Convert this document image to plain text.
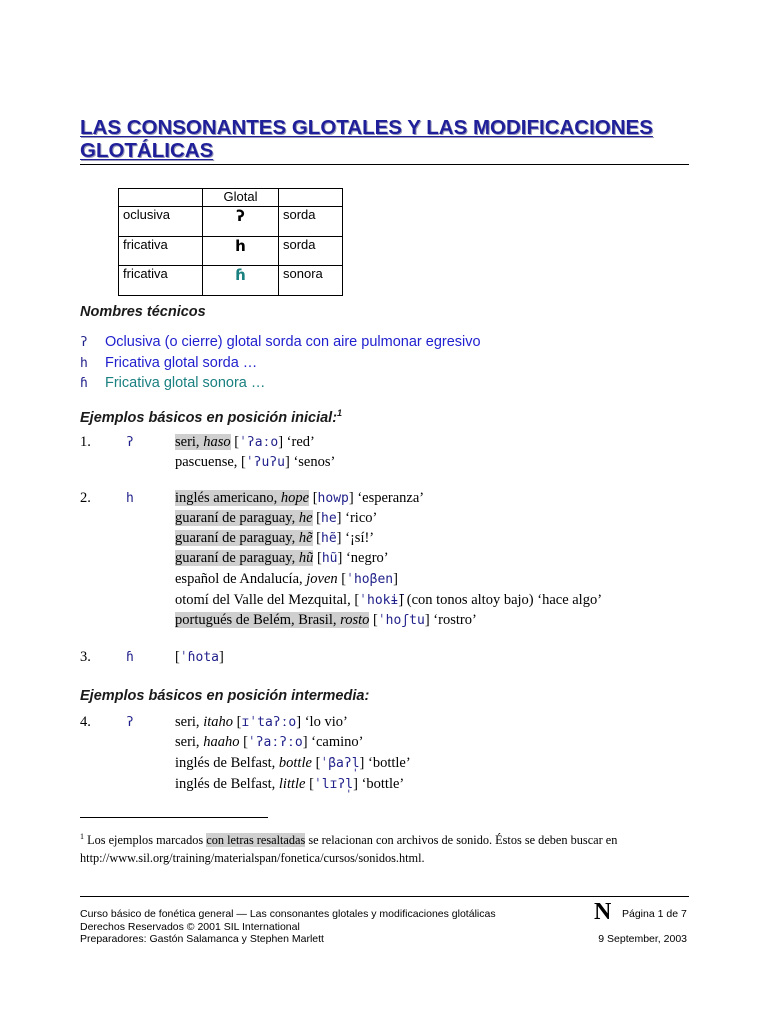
LAS CONSONANTES GLOTALES Y LAS MODIFICACIONES
GLOTÁLICAS
	Glotal	
oclusiva	ʔ	sorda
fricativa	h	sorda
fricativa	ɦ	sonora
Nombres técnicos
ʔ Oclusiva (o cierre) glotal sorda con aire pulmonar egresivo
h Fricativa glotal sorda …
ɦ Fricativa glotal sonora …
Ejemplos básicos en posición inicial:$^1$
1.	ʔ	seri, haso [ˈʔaːo] ‘red’
pascuense, [ˈʔuʔu] ‘senos’
2.	h	inglés americano, hope [howp] ‘esperanza’
guaraní de paraguay, he [he] ‘rico’
guaraní de paraguay, hẽ [hẽ] ‘¡sí!’
guaraní de paraguay, hũ [hũ] ‘negro’
español de Andalucía, joven [ˈhoβen]
otomí del Valle del Mezquital, [ˈhokɨ̄] (con tonos altoy bajo) ‘hace algo’
portugués de Belém, Brasil, rosto [ˈhoʃtu] ‘rostro’
3.	ɦ	[ˈɦota]
Ejemplos básicos en posición intermedia:
4.	ʔ	seri, itaho [ɪˈtaʔːo] ‘lo vio’
seri, haaho [ˈʔaːʔːo] ‘camino’
inglés de Belfast, bottle [ˈβaʔl̩] ‘bottle’
inglés de Belfast, little [ˈlɪʔl̩] ‘bottle’
$^1$ Los ejemplos marcados con letras resaltadas se relacionan con archivos de sonido. Éstos se deben buscar en
http://www.sil.org/training/materialspan/fonetica/cursos/sonidos.html.
Curso básico de fonética general — Las consonantes glotales y modificaciones glotálicas
Derechos Reservados © 2001 SIL International
Preparadores: Gastón Salamanca y Stephen Marlett
N Página 1 de 7
9 September, 2003
